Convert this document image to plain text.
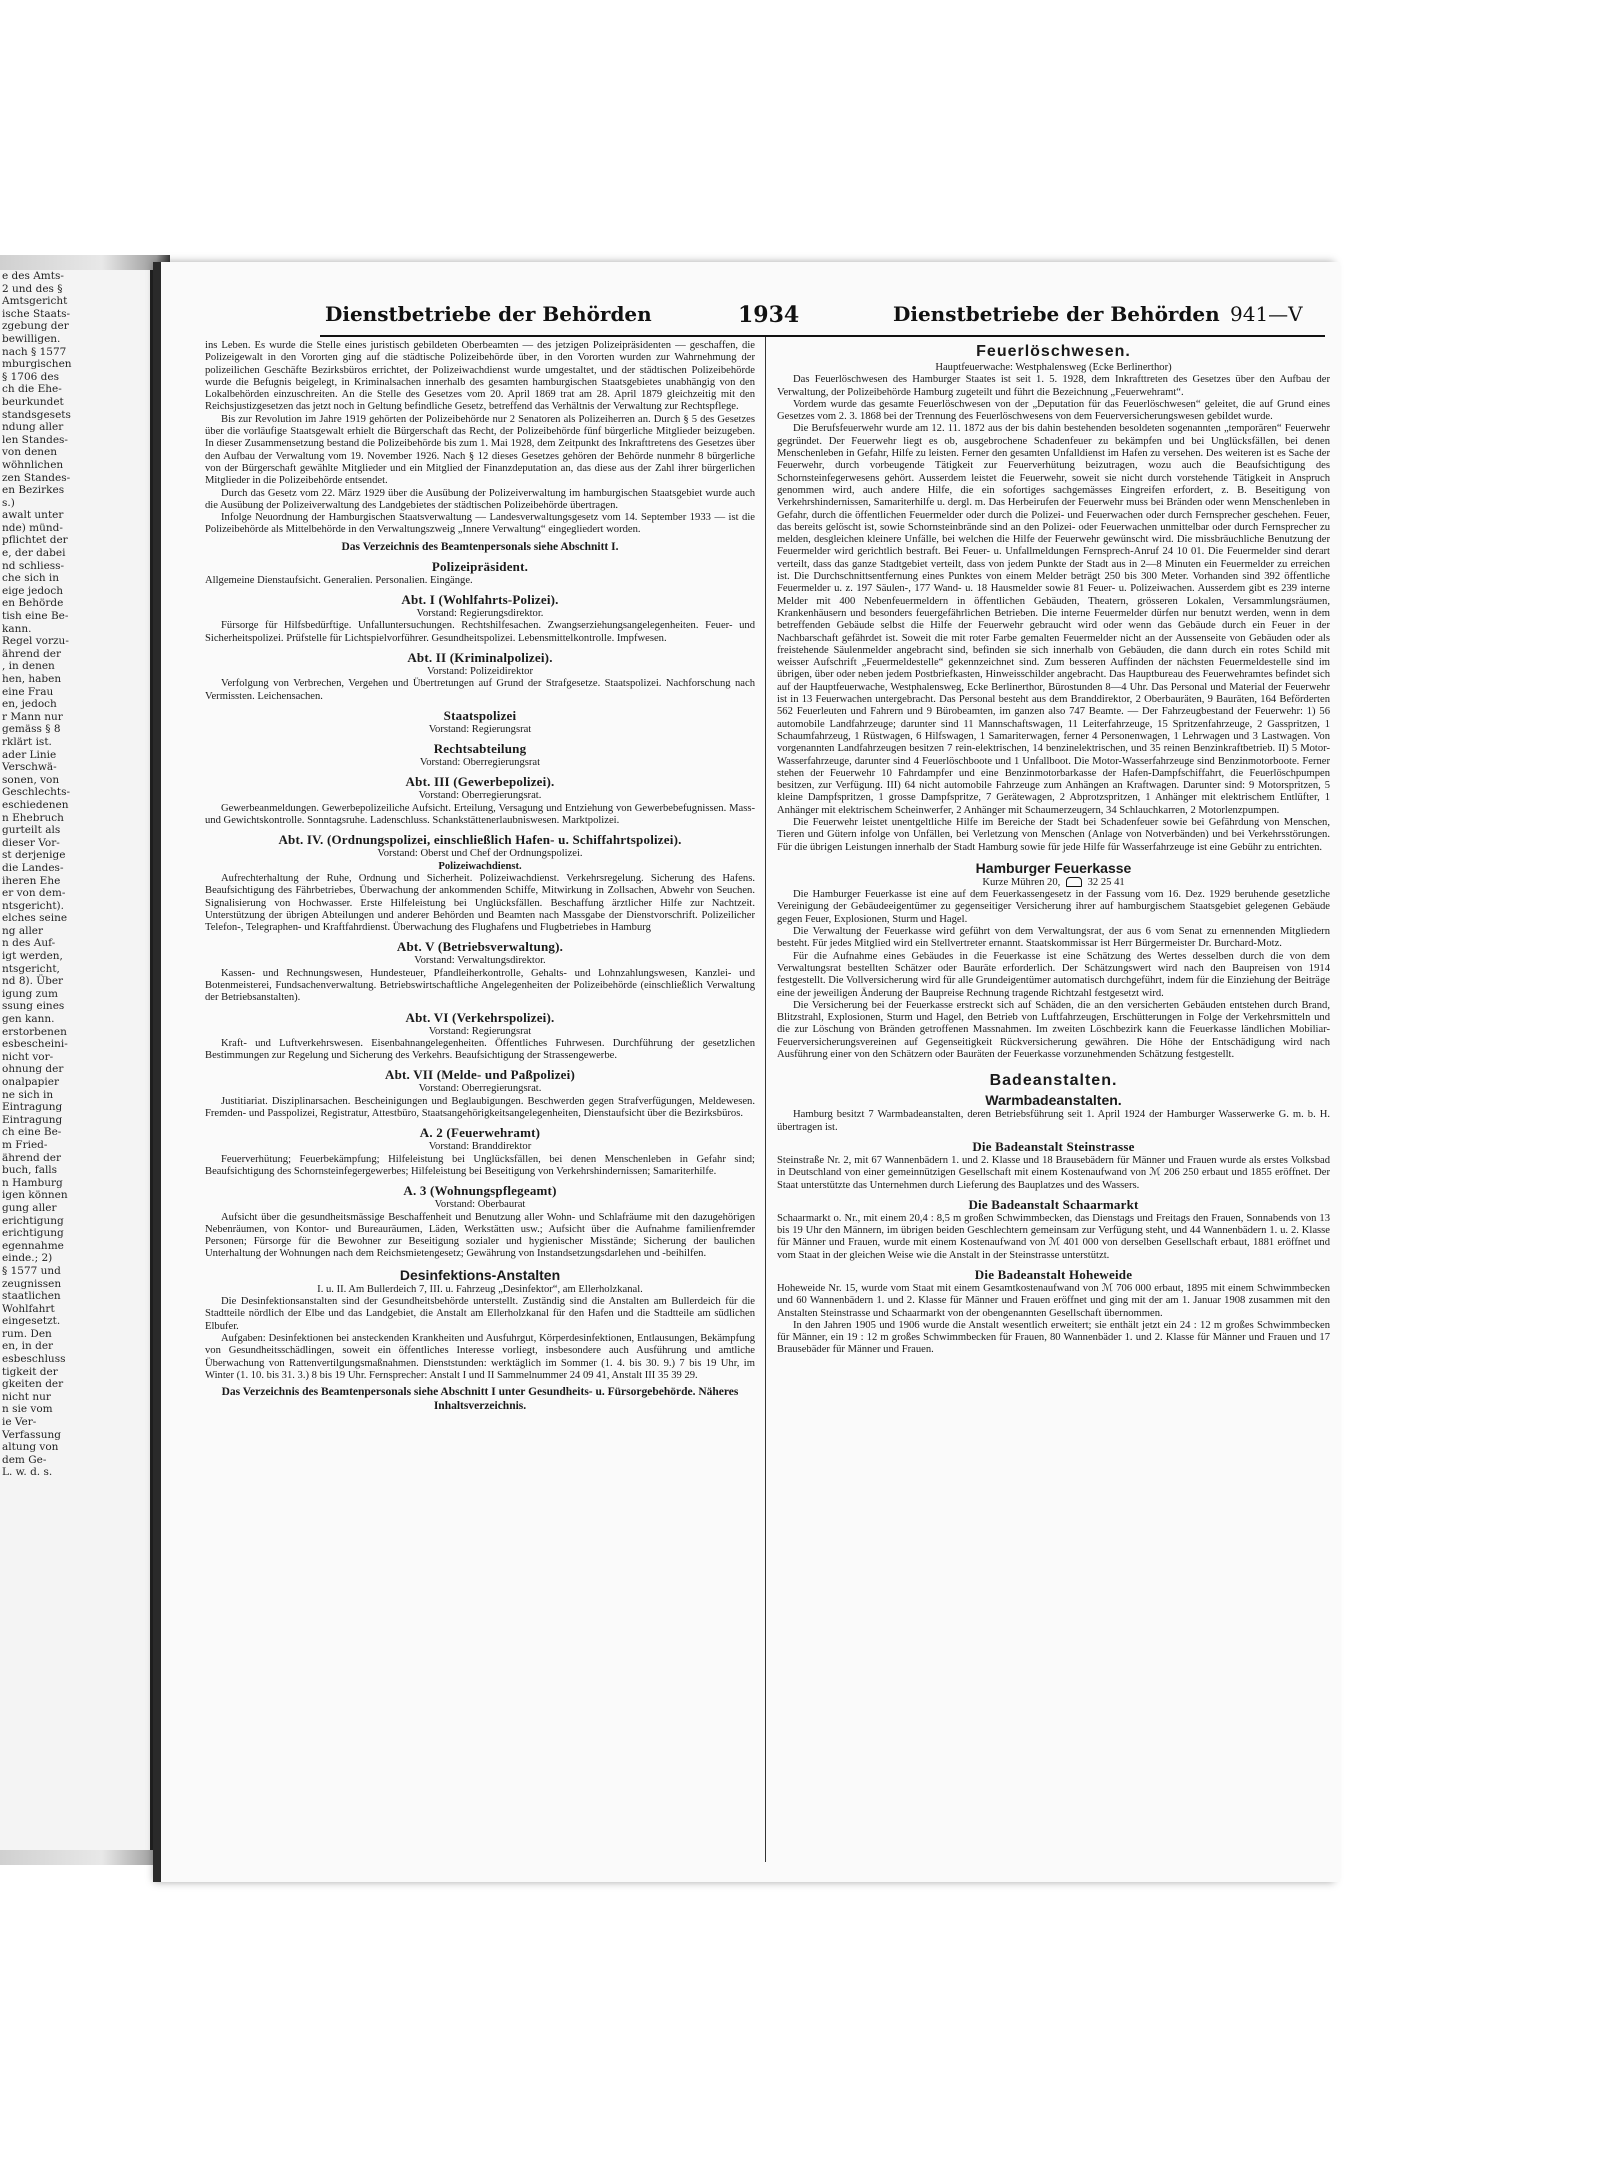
e des Amts-
2 und des §
Amtsgericht
ische Staats-
zgebung der
bewilligen.
nach § 1577
mburgischen
§ 1706 des
ch die Ehe-
beurkundet
standsgesets
ndung aller
len Standes-
von denen
wöhnlichen
zen Standes-
en Bezirkes
s.)
awalt unter
nde) münd-
pflichtet der
e, der dabei
nd schliess-
che sich in
eige jedoch
en Behörde
tish eine Be-
kann.
Regel vorzu-
ährend der
, in denen
hen, haben
eine Frau
en, jedoch
r Mann nur
gemäss § 8
rklärt ist.
ader Linie
Verschwä-
sonen, von
Geschlechts-
eschiedenen
n Ehebruch
gurteilt als
dieser Vor-
st derjenige
die Landes-
iheren Ehe
er von dem-
ntsgericht).
elches seine
ng aller
n des Auf-
igt werden,
ntsgericht,
nd 8). Über
igung zum
ssung eines
gen kann.
erstorbenen
esbescheini-
nicht vor-
ohnung der
onalpapier
ne sich in
Eintragung
Eintragung
ch eine Be-
m Fried-
ährend der
buch, falls
n Hamburg
igen können
gung aller
erichtigung
erichtigung
egennahme
einde.; 2)
§ 1577 und
zeugnissen
staatlichen
Wohlfahrt
eingesetzt.
rum. Den
en, in der
esbeschluss
tigkeit der
gkeiten der
nicht nur
n sie vom
ie Ver-
Verfassung
altung von
dem Ge-
L. w. d. s.
Dienstbetriebe der Behörden	1934	Dienstbetriebe der Behörden 941—V

ins Leben. Es wurde die Stelle eines juristisch gebildeten Oberbeamten — des jetzigen Polizeipräsidenten — geschaffen, die Polizeigewalt in den Vororten ging auf die städtische Polizeibehörde über, in den Vororten wurden zur Wahrnehmung der polizeilichen Geschäfte Bezirksbüros errichtet, der Polizeiwachdienst wurde umgestaltet, und der städtischen Polizeibehörde wurde die Befugnis beigelegt, in Kriminalsachen innerhalb des gesamten hamburgischen Staatsgebietes unabhängig von den Lokalbehörden einzuschreiten. An die Stelle des Gesetzes vom 20. April 1869 trat am 28. April 1879 gleichzeitig mit den Reichsjustizgesetzen das jetzt noch in Geltung befindliche Gesetz, betreffend das Verhältnis der Verwaltung zur Rechtspflege.

Bis zur Revolution im Jahre 1919 gehörten der Polizeibehörde nur 2 Senatoren als Polizeiherren an. Durch § 5 des Gesetzes über die vorläufige Staatsgewalt erhielt die Bürgerschaft das Recht, der Polizeibehörde fünf bürgerliche Mitglieder beizugeben. In dieser Zusammensetzung bestand die Polizeibehörde bis zum 1. Mai 1928, dem Zeitpunkt des Inkrafttretens des Gesetzes über den Aufbau der Verwaltung vom 19. November 1926. Nach § 12 dieses Gesetzes gehören der Behörde nunmehr 8 bürgerliche von der Bürgerschaft gewählte Mitglieder und ein Mitglied der Finanzdeputation an, das diese aus der Zahl ihrer bürgerlichen Mitglieder in die Polizeibehörde entsendet.

Durch das Gesetz vom 22. März 1929 über die Ausübung der Polizeiverwaltung im hamburgischen Staatsgebiet wurde auch die Ausübung der Polizeiverwaltung des Landgebietes der städtischen Polizeibehörde übertragen.

Infolge Neuordnung der Hamburgischen Staatsverwaltung — Landesverwaltungsgesetz vom 14. September 1933 — ist die Polizeibehörde als Mittelbehörde in den Verwaltungszweig „Innere Verwaltung“ eingegliedert worden.

Das Verzeichnis des Beamtenpersonals siehe Abschnitt I.
Polizeipräsident.

Allgemeine Dienstaufsicht. Generalien. Personalien. Eingänge.

Abt. I (Wohlfahrts-Polizei).
Vorstand: Regierungsdirektor.

Fürsorge für Hilfsbedürftige. Unfalluntersuchungen. Rechtshilfesachen. Zwangserziehungsangelegenheiten. Feuer- und Sicherheitspolizei. Prüfstelle für Lichtspielvorführer. Gesundheitspolizei. Lebensmittelkontrolle. Impfwesen.

Abt. II (Kriminalpolizei).
Vorstand: Polizeidirektor

Verfolgung von Verbrechen, Vergehen und Übertretungen auf Grund der Strafgesetze. Staatspolizei. Nachforschung nach Vermissten. Leichensachen.

Staatspolizei
Vorstand: Regierungsrat
Rechtsabteilung
Vorstand: Oberregierungsrat
Abt. III (Gewerbepolizei).
Vorstand: Oberregierungsrat.

Gewerbeanmeldungen. Gewerbepolizeiliche Aufsicht. Erteilung, Versagung und Entziehung von Gewerbebefugnissen. Mass- und Gewichtskontrolle. Sonntagsruhe. Ladenschluss. Schankstättenerlaubniswesen. Marktpolizei.

Abt. IV. (Ordnungspolizei, einschließlich Hafen- u. Schiffahrtspolizei).
Vorstand: Oberst und Chef der Ordnungspolizei.
Polizeiwachdienst.

Aufrechterhaltung der Ruhe, Ordnung und Sicherheit. Polizeiwachdienst. Verkehrsregelung. Sicherung des Hafens. Beaufsichtigung des Fährbetriebes, Überwachung der ankommenden Schiffe, Mitwirkung in Zollsachen, Abwehr von Seuchen. Signalisierung von Hochwasser. Erste Hilfeleistung bei Unglücksfällen. Beschaffung ärztlicher Hilfe zur Nachtzeit. Unterstützung der übrigen Abteilungen und anderer Behörden und Beamten nach Massgabe der Dienstvorschrift. Polizeilicher Telefon-, Telegraphen- und Kraftfahrdienst. Überwachung des Flughafens und Flugbetriebes in Hamburg

Abt. V (Betriebsverwaltung).
Vorstand: Verwaltungsdirektor.

Kassen- und Rechnungswesen, Hundesteuer, Pfandleiherkontrolle, Gehalts- und Lohnzahlungswesen, Kanzlei- und Botenmeisterei, Fundsachenverwaltung. Betriebswirtschaftliche Angelegenheiten der Polizeibehörde (einschließlich Verwaltung der Betriebsanstalten).

Abt. VI (Verkehrspolizei).
Vorstand: Regierungsrat

Kraft- und Luftverkehrswesen. Eisenbahnangelegenheiten. Öffentliches Fuhrwesen. Durchführung der gesetzlichen Bestimmungen zur Regelung und Sicherung des Verkehrs. Beaufsichtigung der Strassengewerbe.

Abt. VII (Melde- und Paßpolizei)
Vorstand: Oberregierungsrat.

Justitiariat. Disziplinarsachen. Bescheinigungen und Beglaubigungen. Beschwerden gegen Strafverfügungen, Meldewesen. Fremden- und Passpolizei, Registratur, Attestbüro, Staatsangehörigkeitsangelegenheiten, Dienstaufsicht über die Bezirksbüros.

A. 2 (Feuerwehramt)
Vorstand: Branddirektor

Feuerverhütung; Feuerbekämpfung; Hilfeleistung bei Unglücksfällen, bei denen Menschenleben in Gefahr sind; Beaufsichtigung des Schornsteinfegergewerbes; Hilfeleistung bei Beseitigung von Verkehrshindernissen; Samariterhilfe.

A. 3 (Wohnungspflegeamt)
Vorstand: Oberbaurat

Aufsicht über die gesundheitsmässige Beschaffenheit und Benutzung aller Wohn- und Schlafräume mit den dazugehörigen Nebenräumen, von Kontor- und Bureauräumen, Läden, Werkstätten usw.; Aufsicht über die Aufnahme familienfremder Personen; Fürsorge für die Bewohner zur Beseitigung sozialer und hygienischer Misstände; Sicherung der baulichen Unterhaltung der Wohnungen nach dem Reichsmietengesetz; Gewährung von Instandsetzungsdarlehen und -beihilfen.

Desinfektions-Anstalten
I. u. II. Am Bullerdeich 7, III. u. Fahrzeug „Desinfektor“, am Ellerholzkanal.

Die Desinfektionsanstalten sind der Gesundheitsbehörde unterstellt. Zuständig sind die Anstalten am Bullerdeich für die Stadtteile nördlich der Elbe und das Landgebiet, die Anstalt am Ellerholzkanal für den Hafen und die Stadtteile am südlichen Elbufer.

Aufgaben: Desinfektionen bei ansteckenden Krankheiten und Ausfuhrgut, Körperdesinfektionen, Entlausungen, Bekämpfung von Gesundheitsschädlingen, soweit ein öffentliches Interesse vorliegt, insbesondere auch Ausführung und amtliche Überwachung von Rattenvertilgungsmaßnahmen. Dienststunden: werktäglich im Sommer (1. 4. bis 30. 9.) 7 bis 19 Uhr, im Winter (1. 10. bis 31. 3.) 8 bis 19 Uhr. Fernsprecher: Anstalt I und II Sammelnummer 24 09 41, Anstalt III 35 39 29.

Das Verzeichnis des Beamtenpersonals siehe Abschnitt I unter Gesundheits- u. Fürsorgebehörde. Näheres Inhaltsverzeichnis.
Feuerlöschwesen.
Hauptfeuerwache: Westphalensweg (Ecke Berlinerthor)

Das Feuerlöschwesen des Hamburger Staates ist seit 1. 5. 1928, dem Inkrafttreten des Gesetzes über den Aufbau der Verwaltung, der Polizeibehörde Hamburg zugeteilt und führt die Bezeichnung „Feuerwehramt“.

Vordem wurde das gesamte Feuerlöschwesen von der „Deputation für das Feuerlöschwesen“ geleitet, die auf Grund eines Gesetzes vom 2. 3. 1868 bei der Trennung des Feuerlöschwesens von dem Feuerversicherungswesen gebildet wurde.

Die Berufsfeuerwehr wurde am 12. 11. 1872 aus der bis dahin bestehenden besoldeten sogenannten „temporären“ Feuerwehr gegründet. Der Feuerwehr liegt es ob, ausgebrochene Schadenfeuer zu bekämpfen und bei Unglücksfällen, bei denen Menschenleben in Gefahr, Hilfe zu leisten. Ferner den gesamten Unfalldienst im Hafen zu versehen. Des weiteren ist es Sache der Feuerwehr, durch vorbeugende Tätigkeit zur Feuerverhütung beizutragen, wozu auch die Beaufsichtigung des Schornsteinfegerwesens gehört. Ausserdem leistet die Feuerwehr, soweit sie nicht durch vorstehende Tätigkeit in Anspruch genommen wird, auch andere Hilfe, die ein sofortiges sachgemässes Eingreifen erfordert, z. B. Beseitigung von Verkehrshindernissen, Samariterhilfe u. dergl. m. Das Herbeirufen der Feuerwehr muss bei Bränden oder wenn Menschenleben in Gefahr, durch die öffentlichen Feuermelder oder durch die Polizei- und Feuerwachen oder durch Fernsprecher geschehen. Feuer, das bereits gelöscht ist, sowie Schornsteinbrände sind an den Polizei- oder Feuerwachen unmittelbar oder durch Fernsprecher zu melden, desgleichen kleinere Unfälle, bei welchen die Hilfe der Feuerwehr gewünscht wird. Die missbräuchliche Benutzung der Feuermelder wird gerichtlich bestraft. Bei Feuer- u. Unfallmeldungen Fernsprech-Anruf 24 10 01. Die Feuermelder sind derart verteilt, dass das ganze Stadtgebiet verteilt, dass von jedem Punkte der Stadt aus in 2—8 Minuten ein Feuermelder zu erreichen ist. Die Durchschnittsentfernung eines Punktes von einem Melder beträgt 250 bis 300 Meter. Vorhanden sind 392 öffentliche Feuermelder u. z. 197 Säulen-, 177 Wand- u. 18 Hausmelder sowie 81 Feuer- u. Polizeiwachen. Ausserdem gibt es 239 interne Melder mit 400 Nebenfeuermeldern in öffentlichen Gebäuden, Theatern, grösseren Lokalen, Versammlungsräumen, Krankenhäusern und besonders feuergefährlichen Betrieben. Die interne Feuermelder dürfen nur benutzt werden, wenn in dem betreffenden Gebäude selbst die Hilfe der Feuerwehr gebraucht wird oder wenn das Gebäude durch ein Feuer in der Nachbarschaft gefährdet ist. Soweit die mit roter Farbe gemalten Feuermelder nicht an der Aussenseite von Gebäuden oder als freistehende Säulenmelder angebracht sind, befinden sie sich innerhalb von Gebäuden, die dann durch ein rotes Schild mit weisser Aufschrift „Feuermeldestelle“ gekennzeichnet sind. Zum besseren Auffinden der nächsten Feuermeldestelle sind im übrigen, über oder neben jedem Postbriefkasten, Hinweisschilder angebracht. Das Hauptbureau des Feuerwehramtes befindet sich auf der Hauptfeuerwache, Westphalensweg, Ecke Berlinerthor, Bürostunden 8—4 Uhr. Das Personal und Material der Feuerwehr ist in 13 Feuerwachen untergebracht. Das Personal besteht aus dem Branddirektor, 2 Oberbauräten, 9 Bauräten, 164 Beförderten 562 Feuerleuten und Fahrern und 9 Bürobeamten, im ganzen also 747 Beamte. — Der Fahrzeugbestand der Feuerwehr: 1) 56 automobile Landfahrzeuge; darunter sind 11 Mannschaftswagen, 11 Leiterfahrzeuge, 15 Spritzenfahrzeuge, 2 Gasspritzen, 1 Schaumfahrzeug, 1 Rüstwagen, 6 Hilfswagen, 1 Samariterwagen, ferner 4 Personenwagen, 1 Lehrwagen und 3 Lastwagen. Von vorgenannten Landfahrzeugen besitzen 7 rein-elektrischen, 14 benzinelektrischen, und 35 reinen Benzinkraftbetrieb. II) 5 Motor-Wasserfahrzeuge, darunter sind 4 Feuerlöschboote und 1 Unfallboot. Die Motor-Wasserfahrzeuge sind Benzinmotorboote. Ferner stehen der Feuerwehr 10 Fahrdampfer und eine Benzinmotorbarkasse der Hafen-Dampfschiffahrt, die Feuerlöschpumpen besitzen, zur Verfügung. III) 64 nicht automobile Fahrzeuge zum Anhängen an Kraftwagen. Darunter sind: 9 Motorspritzen, 5 kleine Dampfspritzen, 1 grosse Dampfspritze, 7 Gerätewagen, 2 Abprotzspritzen, 1 Anhänger mit elektrischem Entlüfter, 1 Anhänger mit elektrischem Scheinwerfer, 2 Anhänger mit Schaumerzeugern, 34 Schlauchkarren, 2 Motorlenzpumpen.

Die Feuerwehr leistet unentgeltliche Hilfe im Bereiche der Stadt bei Schadenfeuer sowie bei Gefährdung von Menschen, Tieren und Gütern infolge von Unfällen, bei Verletzung von Menschen (Anlage von Notverbänden) und bei Verkehrsstörungen. Für die übrigen Leistungen innerhalb der Stadt Hamburg sowie für jede Hilfe für Wasserfahrzeuge ist eine Gebühr zu entrichten.

Hamburger Feuerkasse
Kurze Mühren 20,	32 25 41

Die Hamburger Feuerkasse ist eine auf dem Feuerkassengesetz in der Fassung vom 16. Dez. 1929 beruhende gesetzliche Vereinigung der Gebäudeeigentümer zu gegenseitiger Versicherung ihrer auf hamburgischem Staatsgebiet gelegenen Gebäude gegen Feuer, Explosionen, Sturm und Hagel.

Die Verwaltung der Feuerkasse wird geführt von dem Verwaltungsrat, der aus 6 vom Senat zu ernennenden Mitgliedern besteht. Für jedes Mitglied wird ein Stellvertreter ernannt. Staatskommissar ist Herr Bürgermeister Dr. Burchard-Motz.

Für die Aufnahme eines Gebäudes in die Feuerkasse ist eine Schätzung des Wertes desselben durch die von dem Verwaltungsrat bestellten Schätzer oder Bauräte erforderlich. Der Schätzungswert wird nach den Baupreisen von 1914 festgestellt. Die Vollversicherung wird für alle Grundeigentümer automatisch durchgeführt, indem für die Einziehung der Beiträge eine der jeweiligen Änderung der Baupreise Rechnung tragende Richtzahl festgesetzt wird.

Die Versicherung bei der Feuerkasse erstreckt sich auf Schäden, die an den versicherten Gebäuden entstehen durch Brand, Blitzstrahl, Explosionen, Sturm und Hagel, den Betrieb von Luftfahrzeugen, Erschütterungen in Folge der Verkehrsmitteln und die zur Löschung von Bränden getroffenen Massnahmen. Im zweiten Löschbezirk kann die Feuerkasse ländlichen Mobiliar-Feuerversicherungsvereinen auf Gegenseitigkeit Rückversicherung gewähren. Die Höhe der Entschädigung wird nach Ausführung einer von den Schätzern oder Bauräten der Feuerkasse vorzunehmenden Schätzung festgestellt.

Badeanstalten.
Warmbadeanstalten.

Hamburg besitzt 7 Warmbadeanstalten, deren Betriebsführung seit 1. April 1924 der Hamburger Wasserwerke G. m. b. H. übertragen ist.

Die Badeanstalt Steinstrasse

Steinstraße Nr. 2, mit 67 Wannenbädern 1. und 2. Klasse und 18 Brausebädern für Männer und Frauen wurde als erstes Volksbad in Deutschland von einer gemeinnützigen Gesellschaft mit einem Kostenaufwand von ℳ 206 250 erbaut und 1855 eröffnet. Der Staat unterstützte das Unternehmen durch Lieferung des Bauplatzes und des Wassers.

Die Badeanstalt Schaarmarkt

Schaarmarkt o. Nr., mit einem 20,4 : 8,5 m großen Schwimmbecken, das Dienstags und Freitags den Frauen, Sonnabends von 13 bis 19 Uhr den Männern, im übrigen beiden Geschlechtern gemeinsam zur Verfügung steht, und 44 Wannenbädern 1. u. 2. Klasse für Männer und Frauen, wurde mit einem Kostenaufwand von ℳ 401 000 von derselben Gesellschaft erbaut, 1881 eröffnet und vom Staat in der gleichen Weise wie die Anstalt in der Steinstrasse unterstützt.

Die Badeanstalt Hoheweide

Hoheweide Nr. 15, wurde vom Staat mit einem Gesamtkostenaufwand von ℳ 706 000 erbaut, 1895 mit einem Schwimmbecken und 60 Wannenbädern 1. und 2. Klasse für Männer und Frauen eröffnet und ging mit der am 1. Januar 1908 zusammen mit den Anstalten Steinstrasse und Schaarmarkt von der obengenannten Gesellschaft übernommen.

In den Jahren 1905 und 1906 wurde die Anstalt wesentlich erweitert; sie enthält jetzt ein 24 : 12 m großes Schwimmbecken für Männer, ein 19 : 12 m großes Schwimmbecken für Frauen, 80 Wannenbäder 1. und 2. Klasse für Männer und Frauen und 17 Brausebäder für Männer und Frauen.
